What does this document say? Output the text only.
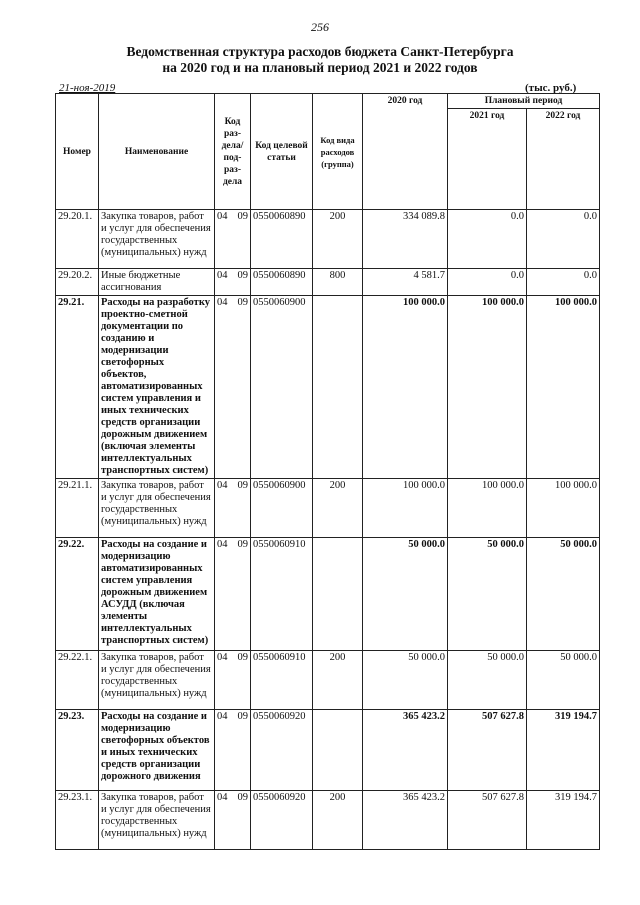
256
Ведомственная структура расходов бюджета Санкт-Петербурга
на 2020 год и на плановый период 2021 и 2022 годов
21-ноя-2019	(тыс. руб.)
Номер	Наименование	Код раз-дела/ под-раз-дела	Код целевой статьи	Код вида расходов (группа)	2020 год	Плановый период	
						2021 год	2022 год
29.20.1.	Закупка товаров, работ и услуг для обеспечения государственных (муниципальных) нужд	04 09	0550060890	200	334 089.8	0.0	0.0
29.20.2.	Иные бюджетные ассигнования	04 09	0550060890	800	4 581.7	0.0	0.0
29.21.	Расходы на разработку проектно-сметной документации по созданию и модернизации светофорных объектов, автоматизированных систем управления и иных технических средств организации дорожным движением (включая элементы интеллектуальных транспортных систем)	04 09	0550060900		100 000.0	100 000.0	100 000.0
29.21.1.	Закупка товаров, работ и услуг для обеспечения государственных (муниципальных) нужд	04 09	0550060900	200	100 000.0	100 000.0	100 000.0
29.22.	Расходы на создание и модернизацию автоматизированных систем управления дорожным движением АСУДД (включая элементы интеллектуальных транспортных систем)	04 09	0550060910		50 000.0	50 000.0	50 000.0
29.22.1.	Закупка товаров, работ и услуг для обеспечения государственных (муниципальных) нужд	04 09	0550060910	200	50 000.0	50 000.0	50 000.0
29.23.	Расходы на создание и модернизацию светофорных объектов и иных технических средств организации дорожного движения	04 09	0550060920		365 423.2	507 627.8	319 194.7
29.23.1.	Закупка товаров, работ и услуг для обеспечения государственных (муниципальных) нужд	04 09	0550060920	200	365 423.2	507 627.8	319 194.7
